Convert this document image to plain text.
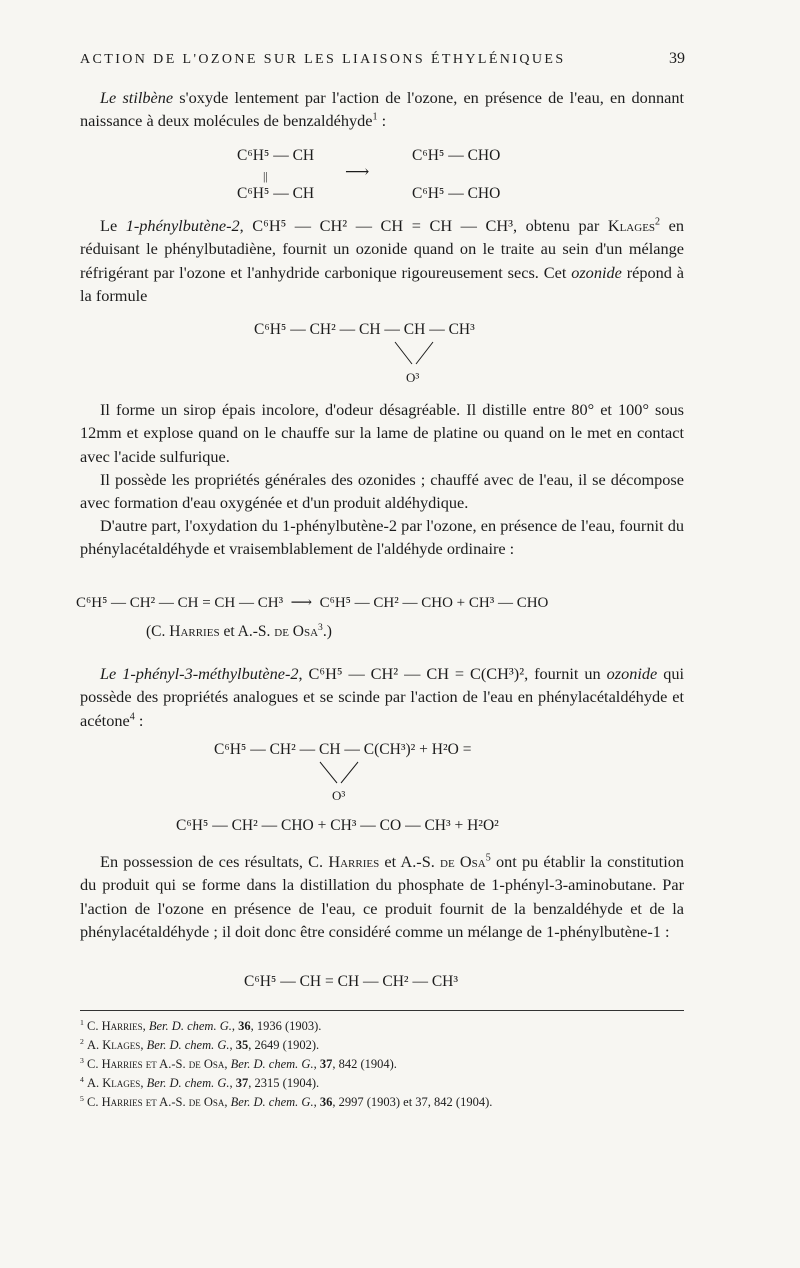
ACTION DE L'OZONE SUR LES LIAISONS ÉTHYLÉNIQUES	39

Le stilbène s'oxyde lentement par l'action de l'ozone, en présence de l'eau, en donnant naissance à deux molécules de benzaldéhyde$^1$ :

C⁶H⁵ — CH
||	⟶
C⁶H⁵ — CH
C⁶H⁵ — CHO
C⁶H⁵ — CHO

Le 1-phénylbutène-2, C⁶H⁵ — CH² — CH = CH — CH³, obtenu par Klages$^2$ en réduisant le phénylbutadiène, fournit un ozonide quand on le traite au sein d'un mélange réfrigérant par l'ozone et l'anhydride carbonique rigoureusement secs. Cet ozonide répond à la formule

C⁶H⁵ — CH² — CH — CH — CH³
O³

Il forme un sirop épais incolore, d'odeur désagréable. Il distille entre 80° et 100° sous 12mm et explose quand on le chauffe sur la lame de platine ou quand on le met en contact avec l'acide sulfurique.

Il possède les propriétés générales des ozonides ; chauffé avec de l'eau, il se décompose avec formation d'eau oxygénée et d'un produit aldéhydique.

D'autre part, l'oxydation du 1-phénylbutène-2 par l'ozone, en présence de l'eau, fournit du phénylacétaldéhyde et vraisemblablement de l'aldéhyde ordinaire :

C⁶H⁵ — CH² — CH = CH — CH³  ⟶  C⁶H⁵ — CH² — CHO + CH³ — CHO
(C. Harries et A.-S. de Osa$^3$.)

Le 1-phényl-3-méthylbutène-2, C⁶H⁵ — CH² — CH = C(CH³)², fournit un ozonide qui possède des propriétés analogues et se scinde par l'action de l'eau en phénylacétaldéhyde et acétone$^4$ :

C⁶H⁵ — CH² — CH — C(CH³)² + H²O =
O³
C⁶H⁵ — CH² — CHO + CH³ — CO — CH³ + H²O²

En possession de ces résultats, C. Harries et A.-S. de Osa$^5$ ont pu établir la constitution du produit qui se forme dans la distillation du phosphate de 1-phényl-3-aminobutane. Par l'action de l'ozone en présence de l'eau, ce produit fournit de la benzaldéhyde et de la phénylacétaldéhyde ; il doit donc être considéré comme un mélange de 1-phénylbutène-1 :

C⁶H⁵ — CH = CH — CH² — CH³
$^1$ C. Harries, Ber. D. chem. G., 36, 1936 (1903).
$^2$ A. Klages, Ber. D. chem. G., 35, 2649 (1902).
$^3$ C. Harries et A.-S. de Osa, Ber. D. chem. G., 37, 842 (1904).
$^4$ A. Klages, Ber. D. chem. G., 37, 2315 (1904).
$^5$ C. Harries et A.-S. de Osa, Ber. D. chem. G., 36, 2997 (1903) et 37, 842 (1904).
